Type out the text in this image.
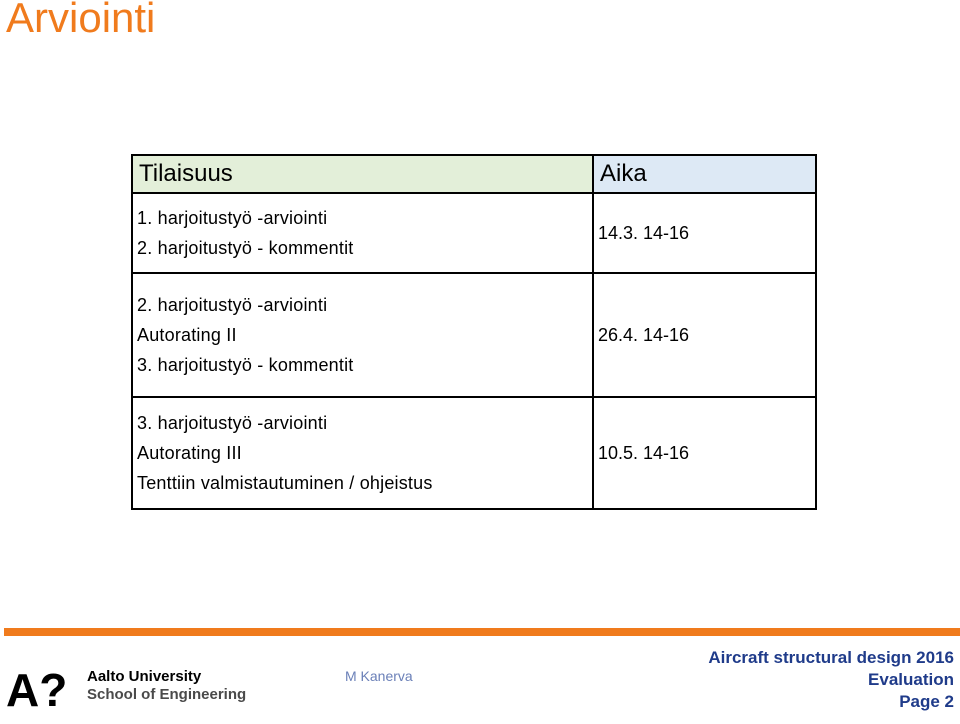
Arviointi
Tilaisuus	Aika

1. harjoitustyö -arviointi
2. harjoitustyö - kommentit	14.3. 14-16

2. harjoitustyö -arviointi
Autorating II
3. harjoitustyö - kommentit	26.4. 14-16

3. harjoitustyö -arviointi
Autorating III
Tenttiin valmistautuminen / ohjeistus	10.5. 14-16
A? Aalto University
School of Engineering
M Kanerva
Aircraft structural design 2016
Evaluation
Page 2
